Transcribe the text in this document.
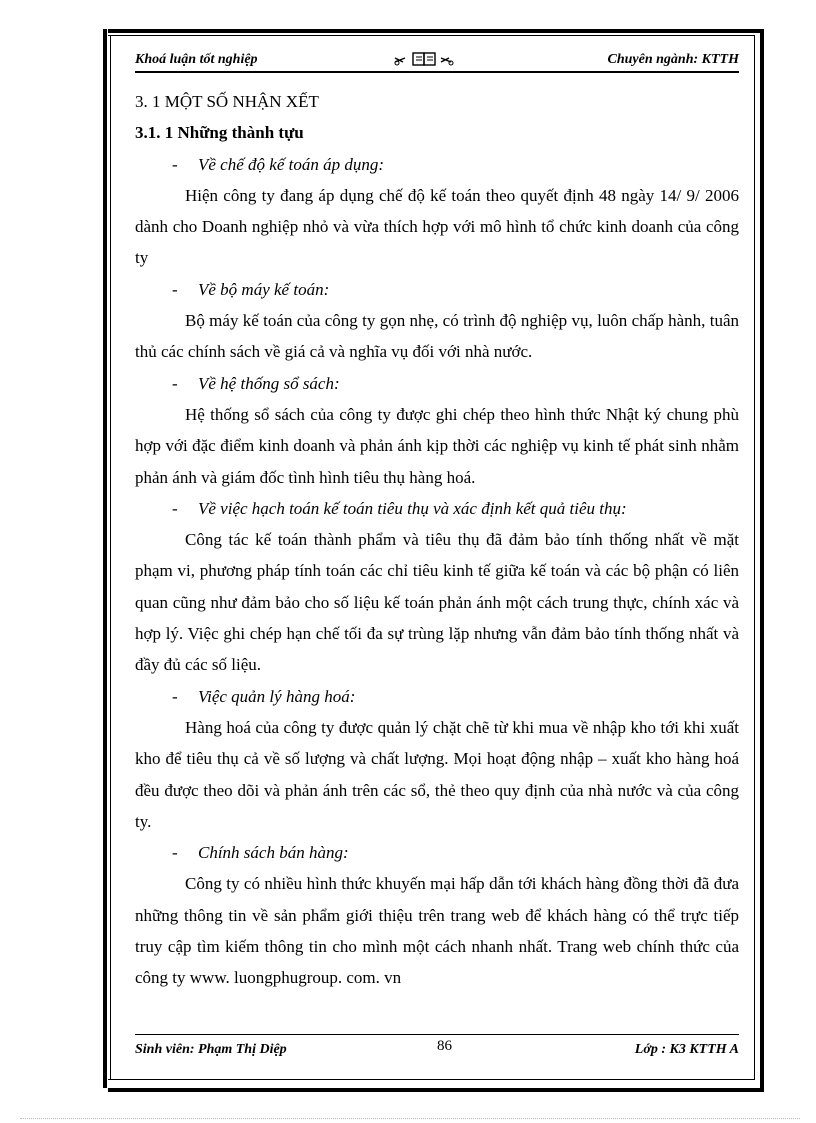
Khoá luận tốt nghiệp	Chuyên ngành: KTTH

3. 1 MỘT SỐ NHẬN XẾT

3.1. 1 Những thành tựu

- Về chế độ kế toán áp dụng:

Hiện công ty đang áp dụng chế độ kế toán theo quyết định 48 ngày 14/ 9/ 2006 dành cho Doanh nghiệp nhỏ và vừa thích hợp với mô hình tổ chức kinh doanh của công ty

- Về bộ máy kế toán:

Bộ máy kế toán của công ty gọn nhẹ, có trình độ nghiệp vụ, luôn chấp hành, tuân thủ các chính sách về giá cả và nghĩa vụ đối với nhà nước.

- Về hệ thống sổ sách:

Hệ thống sổ sách của công ty được ghi chép theo hình thức Nhật ký chung phù hợp với đặc điểm kinh doanh và phản ánh kịp thời các nghiệp vụ kinh tế phát sinh nhằm phản ánh và giám đốc tình hình tiêu thụ hàng hoá.

- Về việc hạch toán kế toán tiêu thụ và xác định kết quả tiêu thụ:

Công tác kế toán thành phẩm và tiêu thụ đã đảm bảo tính thống nhất về mặt phạm vi, phương pháp tính toán các chỉ tiêu kinh tế giữa kế toán và các bộ phận có liên quan cũng như đảm bảo cho số liệu kế toán phản ánh một cách trung thực, chính xác và hợp lý. Việc ghi chép hạn chế tối đa sự trùng lặp nhưng vẫn đảm bảo tính thống nhất và đầy đủ các số liệu.

- Việc quản lý hàng hoá:

Hàng hoá của công ty được quản lý chặt chẽ từ khi mua về nhập kho tới khi xuất kho để tiêu thụ cả về số lượng và chất lượng. Mọi hoạt động nhập – xuất kho hàng hoá đều được theo dõi và phản ánh trên các sổ, thẻ theo quy định của nhà nước và của công ty.

- Chính sách bán hàng:

Công ty có nhiều hình thức khuyến mại hấp dẫn tới khách hàng đồng thời đã đưa những thông tin về sản phẩm giới thiệu trên trang web để khách hàng có thể trực tiếp truy cập tìm kiếm thông tin cho mình một cách nhanh nhất. Trang web chính thức của công ty www. luongphugroup. com. vn

Sinh viên: Phạm Thị Diệp	86	Lớp : K3 KTTH A
